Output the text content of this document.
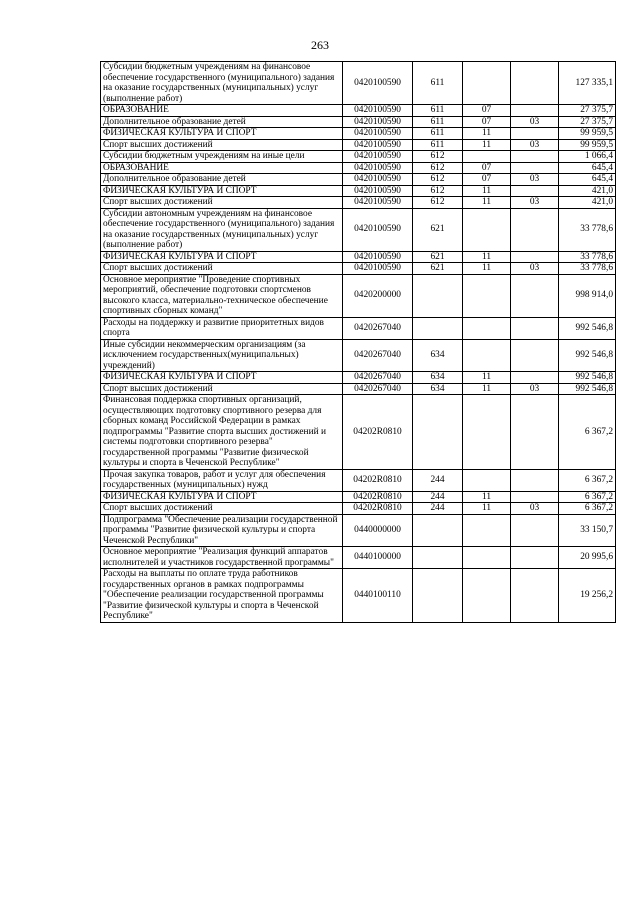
263
Субсидии бюджетным учреждениям на финансовое обеспечение государственного (муниципального) задания на оказание государственных (муниципальных) услуг (выполнение работ)	0420100590	611			127 335,1
ОБРАЗОВАНИЕ	0420100590	611	07		27 375,7
Дополнительное образование детей	0420100590	611	07	03	27 375,7
ФИЗИЧЕСКАЯ КУЛЬТУРА И СПОРТ	0420100590	611	11		99 959,5
Спорт высших достижений	0420100590	611	11	03	99 959,5
Субсидии бюджетным учреждениям на иные цели	0420100590	612			1 066,4
ОБРАЗОВАНИЕ	0420100590	612	07		645,4
Дополнительное образование детей	0420100590	612	07	03	645,4
ФИЗИЧЕСКАЯ КУЛЬТУРА И СПОРТ	0420100590	612	11		421,0
Спорт высших достижений	0420100590	612	11	03	421,0
Субсидии автономным учреждениям на финансовое обеспечение государственного (муниципального) задания на оказание государственных (муниципальных) услуг (выполнение работ)	0420100590	621			33 778,6
ФИЗИЧЕСКАЯ КУЛЬТУРА И СПОРТ	0420100590	621	11		33 778,6
Спорт высших достижений	0420100590	621	11	03	33 778,6
Основное мероприятие "Проведение спортивных мероприятий, обеспечение подготовки спортсменов высокого класса, материально-техническое обеспечение спортивных сборных команд"	0420200000				998 914,0
Расходы на поддержку и развитие приоритетных видов спорта	0420267040				992 546,8
Иные субсидии некоммерческим организациям (за исключением государственных(муниципальных) учреждений)	0420267040	634			992 546,8
ФИЗИЧЕСКАЯ КУЛЬТУРА И СПОРТ	0420267040	634	11		992 546,8
Спорт высших достижений	0420267040	634	11	03	992 546,8
Финансовая поддержка спортивных организаций, осуществляющих подготовку спортивного резерва для сборных команд Российской Федерации в рамках подпрограммы "Развитие спорта высших достижений и системы подготовки спортивного резерва" государственной программы "Развитие физической культуры и спорта в Чеченской Республике"	04202R0810				6 367,2
Прочая закупка товаров, работ и услуг для обеспечения государственных (муниципальных) нужд	04202R0810	244			6 367,2
ФИЗИЧЕСКАЯ КУЛЬТУРА И СПОРТ	04202R0810	244	11		6 367,2
Спорт высших достижений	04202R0810	244	11	03	6 367,2
Подпрограмма "Обеспечение реализации государственной программы "Развитие физической культуры и спорта Чеченской Республики"	0440000000				33 150,7
Основное мероприятие "Реализация функций аппаратов исполнителей и участников государственной программы"	0440100000				20 995,6
Расходы на выплаты по оплате труда работников государственных органов в рамках подпрограммы "Обеспечение реализации государственной программы "Развитие физической культуры и спорта в Чеченской Республике"	0440100110				19 256,2
